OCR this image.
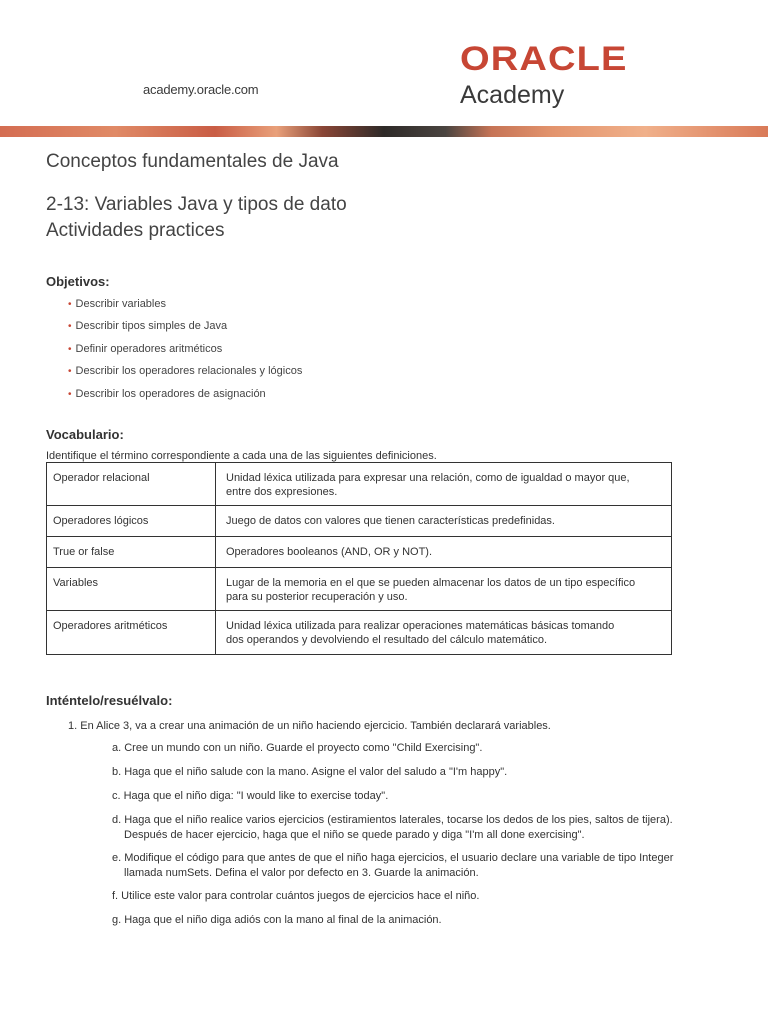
academy.oracle.com
ORACLE
Academy
Conceptos fundamentales de Java
2-13: Variables Java y tipos de dato
Actividades practices
Objetivos:
• Describir variables
• Describir tipos simples de Java
• Definir operadores aritméticos
• Describir los operadores relacionales y lógicos
• Describir los operadores de asignación
Vocabulario:
Identifique el término correspondiente a cada una de las siguientes definiciones.
Operador relacional	Unidad léxica utilizada para expresar una relación, como de igualdad o mayor que,
entre dos expresiones.
Operadores lógicos	Juego de datos con valores que tienen características predefinidas.
True or false	Operadores booleanos (AND, OR y NOT).
Variables	Lugar de la memoria en el que se pueden almacenar los datos de un tipo específico
para su posterior recuperación y uso.
Operadores aritméticos	Unidad léxica utilizada para realizar operaciones matemáticas básicas tomando
dos operandos y devolviendo el resultado del cálculo matemático.
Inténtelo/resuélvalo:
1. En Alice 3, va a crear una animación de un niño haciendo ejercicio. También declarará variables.
a. Cree un mundo con un niño. Guarde el proyecto como "Child Exercising".
b. Haga que el niño salude con la mano. Asigne el valor del saludo a "I'm happy".
c. Haga que el niño diga: "I would like to exercise today".
d. Haga que el niño realice varios ejercicios (estiramientos laterales, tocarse los dedos de los pies, saltos de tijera).
Después de hacer ejercicio, haga que el niño se quede parado y diga "I'm all done exercising".
e. Modifique el código para que antes de que el niño haga ejercicios, el usuario declare una variable de tipo Integer
llamada numSets. Defina el valor por defecto en 3. Guarde la animación.
f. Utilice este valor para controlar cuántos juegos de ejercicios hace el niño.
g. Haga que el niño diga adiós con la mano al final de la animación.
